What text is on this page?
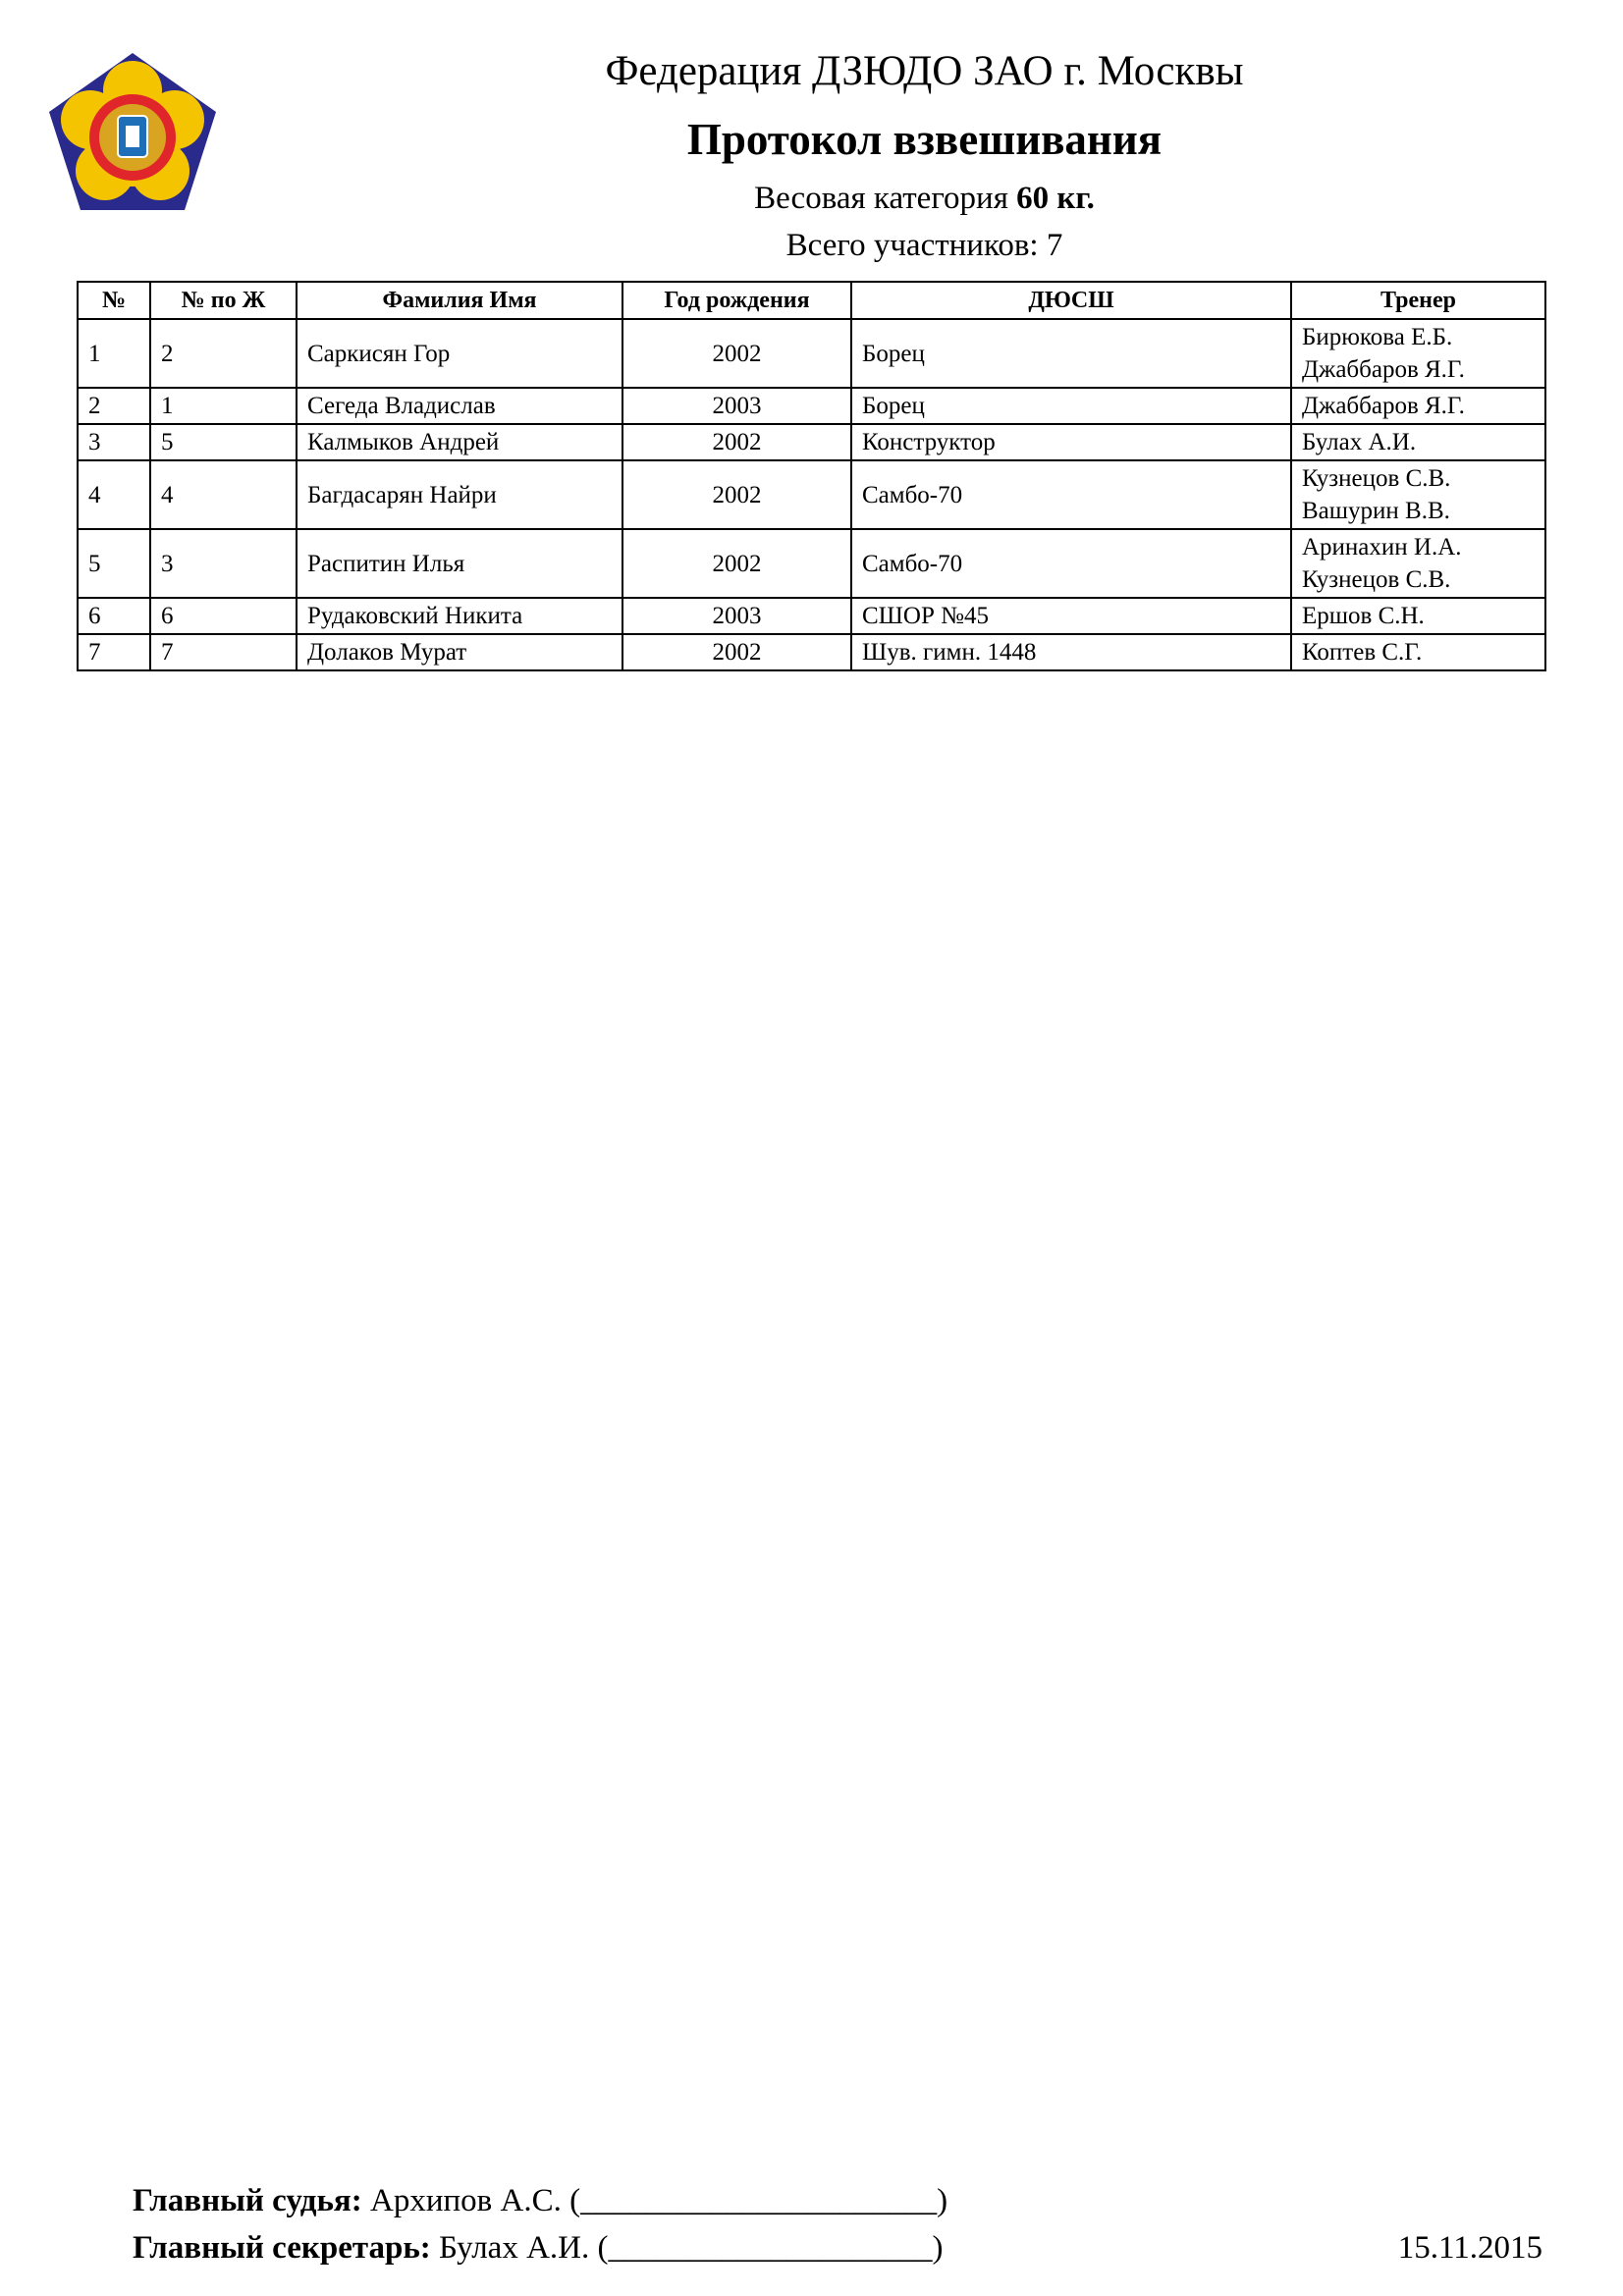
Федерация ДЗЮДО ЗАО г. Москвы
Протокол взвешивания
Весовая категория 60 кг.
Всего участников: 7
№	№ по Ж	Фамилия Имя	Год рождения	ДЮСШ	Тренер
1	2	Саркисян Гор	2002	Борец	Бирюкова Е.Б.
Джаббаров Я.Г.

2	1	Сегеда Владислав	2003	Борец	Джаббаров Я.Г.

3	5	Калмыков Андрей	2002	Конструктор	Булах А.И.

4	4	Багдасарян Найри	2002	Самбо-70	Кузнецов С.В.
Вашурин В.В.

5	3	Распитин Илья	2002	Самбо-70	Аринахин И.А.
Кузнецов С.В.

6	6	Рудаковский Никита	2003	СШОР №45	Ершов С.Н.

7	7	Долаков Мурат	2002	Шув. гимн. 1448	Коптев С.Г.
Главный судья: Архипов А.С. (______________________)
Главный секретарь: Булах А.И. (____________________)	15.11.2015
